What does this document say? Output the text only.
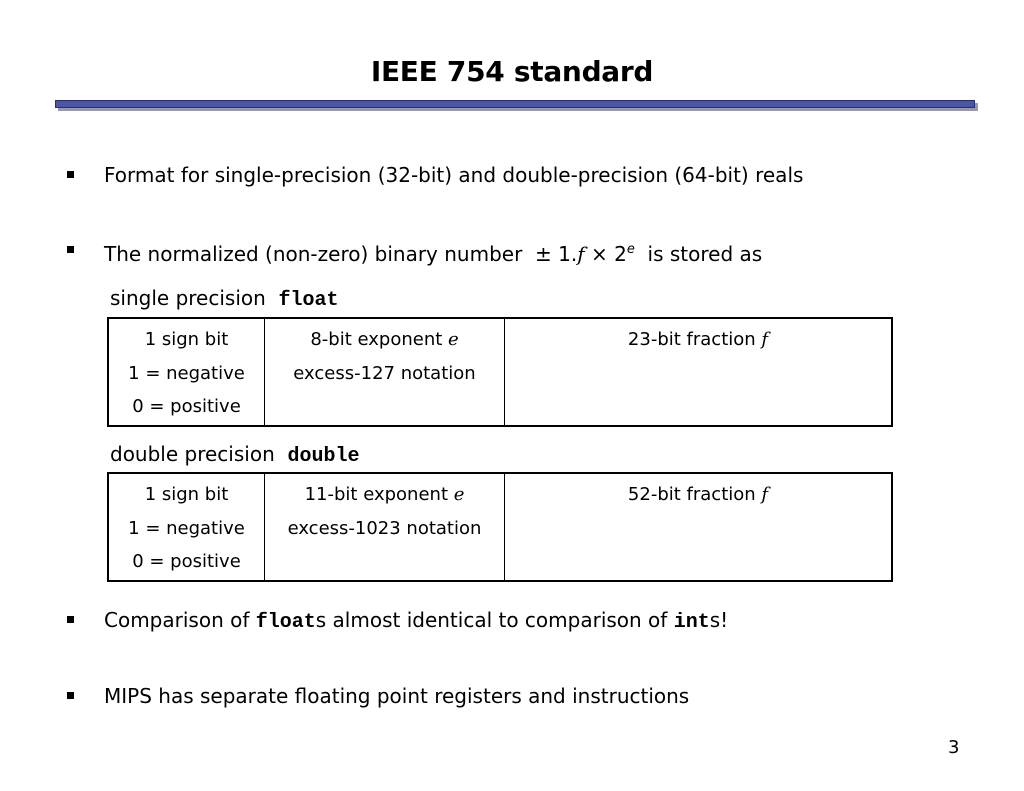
IEEE 754 standard
Format for single-precision (32-bit) and double-precision (64-bit) reals
The normalized (non-zero) binary number ± $1.f \times 2^e$ is stored as
single precision float
1 sign bit
1 = negative
0 = positive
8-bit exponent e
excess-127 notation
23-bit fraction f
double precision double
1 sign bit
1 = negative
0 = positive
11-bit exponent e
excess-1023 notation
52-bit fraction f
Comparison of floats almost identical to comparison of ints!
MIPS has separate floating point registers and instructions
3
